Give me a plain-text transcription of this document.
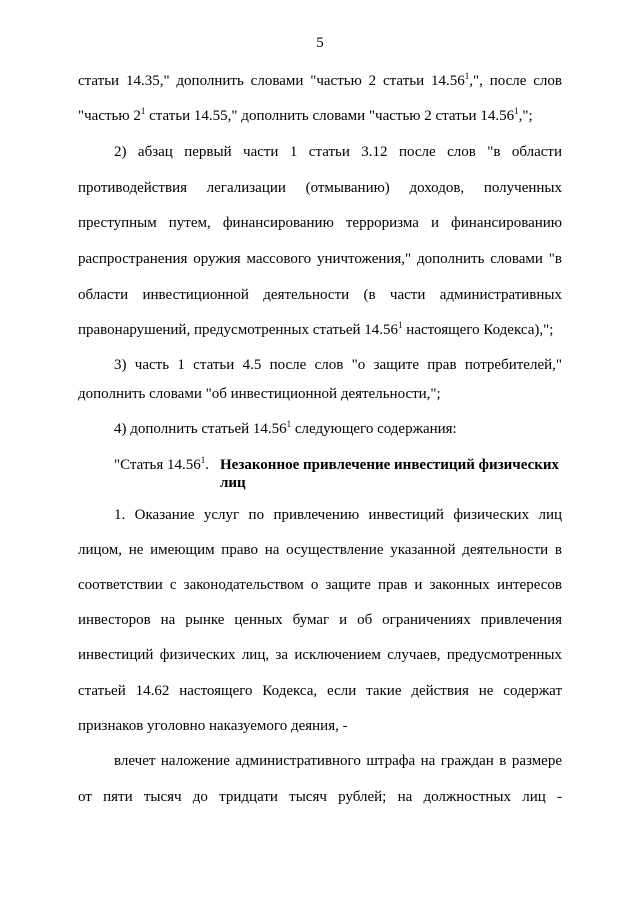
5
статьи 14.35," дополнить словами "частью 2 статьи 14.56$^1$,", после слов
"частью $2^1$ статьи 14.55," дополнить словами "частью 2 статьи 14.56$^1$,";
2) абзац первый части 1 статьи 3.12 после слов "в области
противодействия легализации (отмыванию) доходов, полученных
преступным путем, финансированию терроризма и финансированию
распространения оружия массового уничтожения," дополнить словами "в
области инвестиционной деятельности (в части административных
правонарушений, предусмотренных статьей 14.56$^1$ настоящего Кодекса),";
3) часть 1 статьи 4.5 после слов "о защите прав потребителей,"
дополнить словами "об инвестиционной деятельности,";
4) дополнить статьей 14.56$^1$ следующего содержания:
"Статья 14.56$^1$. Незаконное привлечение инвестиций физических лиц
1. Оказание услуг по привлечению инвестиций физических лиц
лицом, не имеющим право на осуществление указанной деятельности в
соответствии с законодательством о защите прав и законных интересов
инвесторов на рынке ценных бумаг и об ограничениях привлечения
инвестиций физических лиц, за исключением случаев, предусмотренных
статьей 14.62 настоящего Кодекса, если такие действия не содержат
признаков уголовно наказуемого деяния, -
влечет наложение административного штрафа на граждан в размере
от пяти тысяч до тридцати тысяч рублей; на должностных лиц -
